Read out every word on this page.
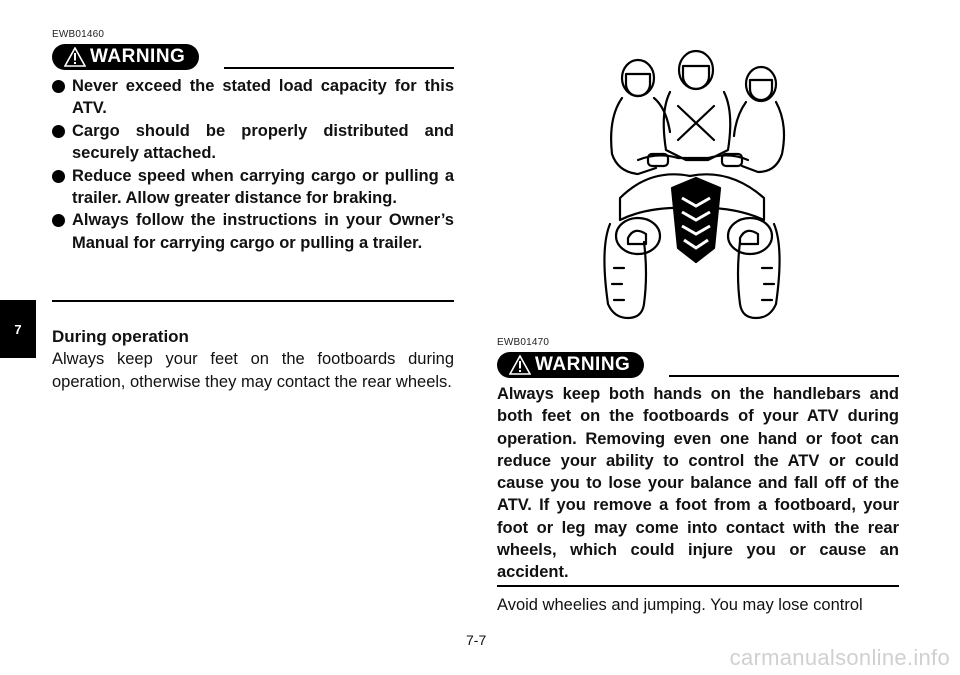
7
EWB01460
WARNING
Never exceed the stated load capacity for this ATV.
Cargo should be properly distributed and securely attached.
Reduce speed when carrying cargo or pulling a trailer. Allow greater distance for braking.
Always follow the instructions in your Owner’s Manual for carrying cargo or pulling a trailer.
During operation
Always keep your feet on the footboards during operation, otherwise they may contact the rear wheels.
EWB01470
WARNING
Always keep both hands on the handlebars and both feet on the footboards of your ATV during operation. Removing even one hand or foot can reduce your ability to control the ATV or could cause you to lose your balance and fall off of the ATV. If you remove a foot from a footboard, your foot or leg may come into contact with the rear wheels, which could injure you or cause an accident.
Avoid wheelies and jumping. You may lose control
7-7
carmanualsonline.info
